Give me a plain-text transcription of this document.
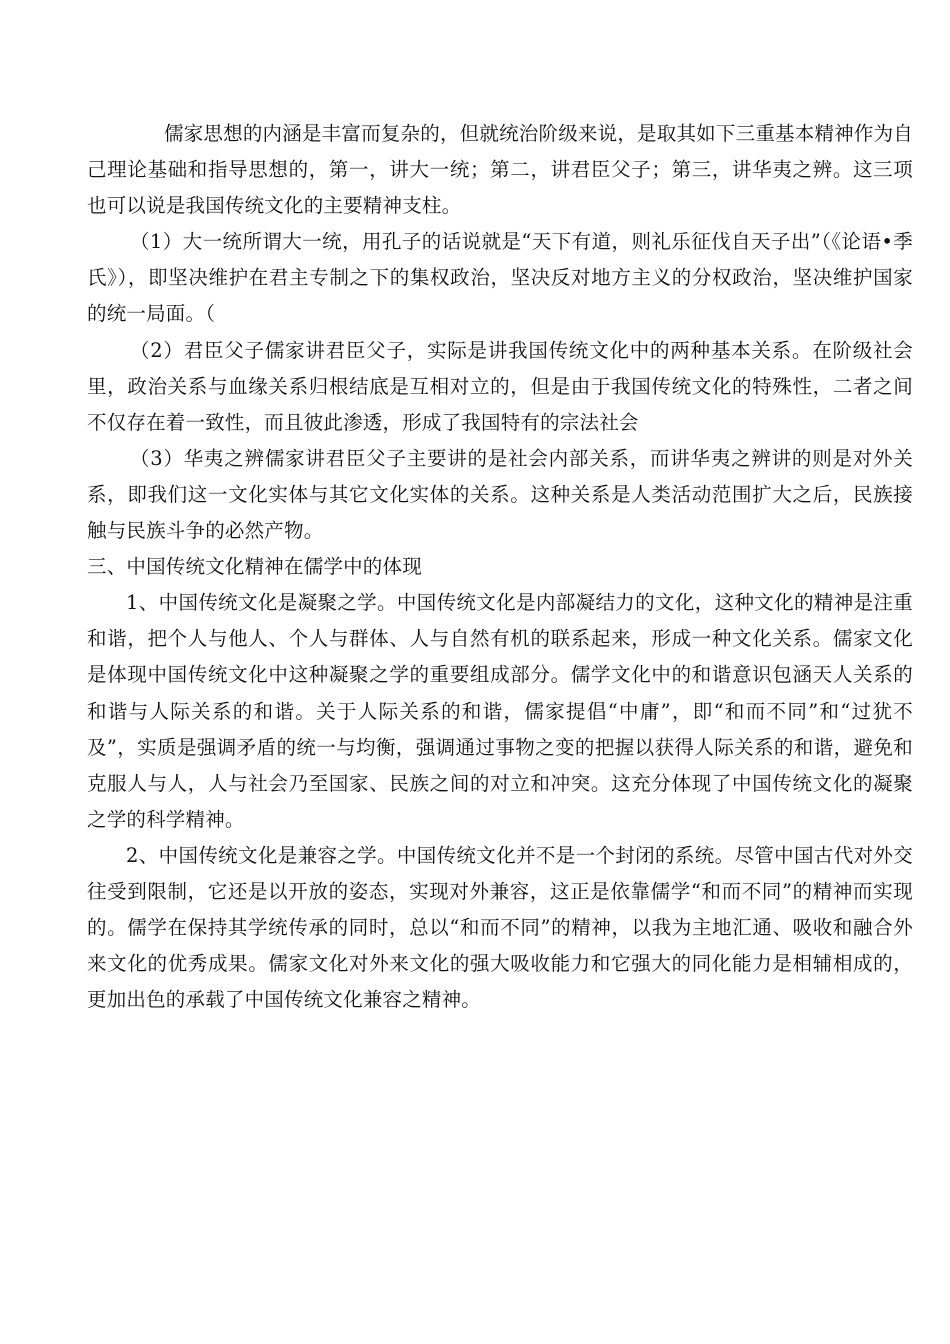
儒家思想的内涵是丰富而复杂的，但就统治阶级来说，是取其如下三重基本精神作为自己理论基础和指导思想的，第一，讲大一统；第二，讲君臣父子；第三，讲华夷之辨。这三项也可以说是我国传统文化的主要精神支柱。

（1）大一统所谓大一统，用孔子的话说就是“天下有道，则礼乐征伐自天子出”（《论语•季氏》），即坚决维护在君主专制之下的集权政治，坚决反对地方主义的分权政治，坚决维护国家的统一局面。（

（2）君臣父子儒家讲君臣父子，实际是讲我国传统文化中的两种基本关系。在阶级社会里，政治关系与血缘关系归根结底是互相对立的，但是由于我国传统文化的特殊性，二者之间不仅存在着一致性，而且彼此渗透，形成了我国特有的宗法社会

（3）华夷之辨儒家讲君臣父子主要讲的是社会内部关系，而讲华夷之辨讲的则是对外关系，即我们这一文化实体与其它文化实体的关系。这种关系是人类活动范围扩大之后，民族接触与民族斗争的必然产物。

三、中国传统文化精神在儒学中的体现

1、中国传统文化是凝聚之学。中国传统文化是内部凝结力的文化，这种文化的精神是注重和谐，把个人与他人、个人与群体、人与自然有机的联系起来，形成一种文化关系。儒家文化是体现中国传统文化中这种凝聚之学的重要组成部分。儒学文化中的和谐意识包涵天人关系的和谐与人际关系的和谐。关于人际关系的和谐，儒家提倡“中庸”，即“和而不同”和“过犹不及”，实质是强调矛盾的统一与均衡，强调通过事物之变的把握以获得人际关系的和谐，避免和克服人与人，人与社会乃至国家、民族之间的对立和冲突。这充分体现了中国传统文化的凝聚之学的科学精神。

2、中国传统文化是兼容之学。中国传统文化并不是一个封闭的系统。尽管中国古代对外交往受到限制，它还是以开放的姿态，实现对外兼容，这正是依靠儒学“和而不同”的精神而实现的。儒学在保持其学统传承的同时，总以“和而不同”的精神，以我为主地汇通、吸收和融合外来文化的优秀成果。儒家文化对外来文化的强大吸收能力和它强大的同化能力是相辅相成的，更加出色的承载了中国传统文化兼容之精神。
